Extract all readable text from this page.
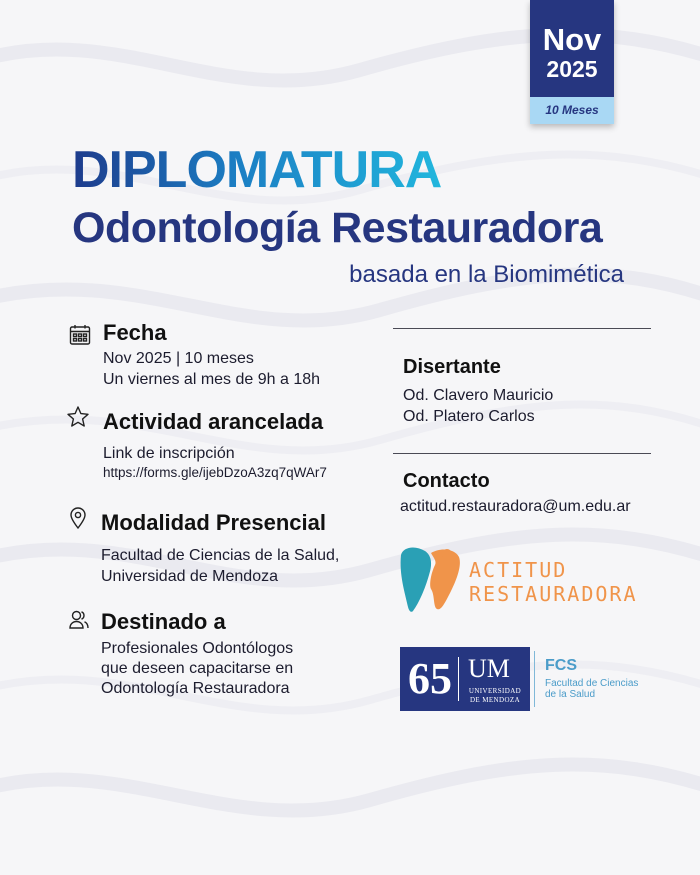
Nov
2025
10 Meses
DIPLOMATURA
Odontología Restauradora
basada en la Biomimética
Fecha
Nov 2025 | 10 meses
Un viernes al mes de 9h a 18h
Actividad arancelada
Link de inscripción
https://forms.gle/ijebDzoA3zq7qWAr7
Modalidad Presencial
Facultad de Ciencias de la Salud,
Universidad de Mendoza
Destinado a
Profesionales Odontólogos
que deseen capacitarse en
Odontología Restauradora
Disertante
Od. Clavero Mauricio
Od. Platero Carlos
Contacto
actitud.restauradora@um.edu.ar
ACTITUD
RESTAURADORA
65 UM
UNIVERSIDAD
DE MENDOZA
FCS
Facultad de Ciencias
de la Salud
